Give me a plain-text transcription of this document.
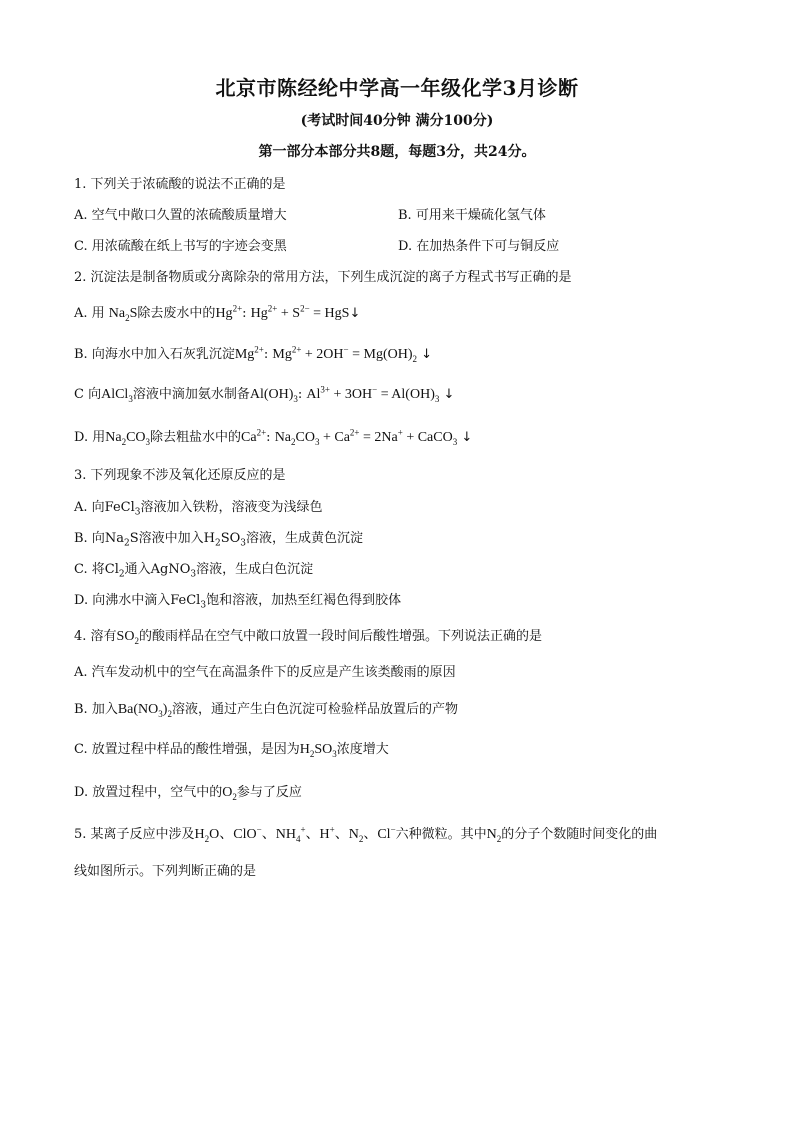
北京市陈经纶中学高一年级化学3月诊断
(考试时间40分钟 满分100分)
第一部分本部分共8题，每题3分，共24分。
1. 下列关于浓硫酸的说法不正确的是
A. 空气中敞口久置的浓硫酸质量增大	B. 可用来干燥硫化氢气体
C. 用浓硫酸在纸上书写的字迹会变黑	D. 在加热条件下可与铜反应
2. 沉淀法是制备物质或分离除杂的常用方法，下列生成沉淀的离子方程式书写正确的是
A. 用 $Na_2S$除去废水中的$Hg^{2+}$: $Hg^{2+} + S^{2-}$ = HgS↓
B. 向海水中加入石灰乳沉淀$Mg^{2+}$: $Mg^{2+} + 2OH^- = Mg(OH)_2$ ↓
C 向AlCl$_3$溶液中滴加氨水制备$Al(OH)_3$: $Al^{3+} + 3OH^- = Al(OH)_3$ ↓
D. 用$Na_2CO_3$除去粗盐水中的$Ca^{2+}$: $Na_2CO_3 + Ca^{2+} = 2Na^+$ + CaCO$_3$ ↓
3. 下列现象不涉及氧化还原反应的是
A. 向FeCl$_3$溶液加入铁粉，溶液变为浅绿色
B. 向$Na_2S$溶液中加入$H_2SO_3$溶液，生成黄色沉淀
C. 将$Cl_2$通入AgNO$_3$溶液，生成白色沉淀
D. 向沸水中滴入FeCl$_3$饱和溶液，加热至红褐色得到胶体
4. 溶有$SO_2$的酸雨样品在空气中敞口放置一段时间后酸性增强。下列说法正确的是
A. 汽车发动机中的空气在高温条件下的反应是产生该类酸雨的原因
B. 加入$Ba(NO_3)_2$溶液，通过产生白色沉淀可检验样品放置后的产物
C. 放置过程中样品的酸性增强，是因为$H_2SO_3$浓度增大
D. 放置过程中，空气中的$O_2$参与了反应
5. 某离子反应中涉及$H_2O$、ClO−、$NH_4^+$、H+、$N_2$、Cl−六种微粒。其中$N_2$的分子个数随时间变化的曲
线如图所示。下列判断正确的是
